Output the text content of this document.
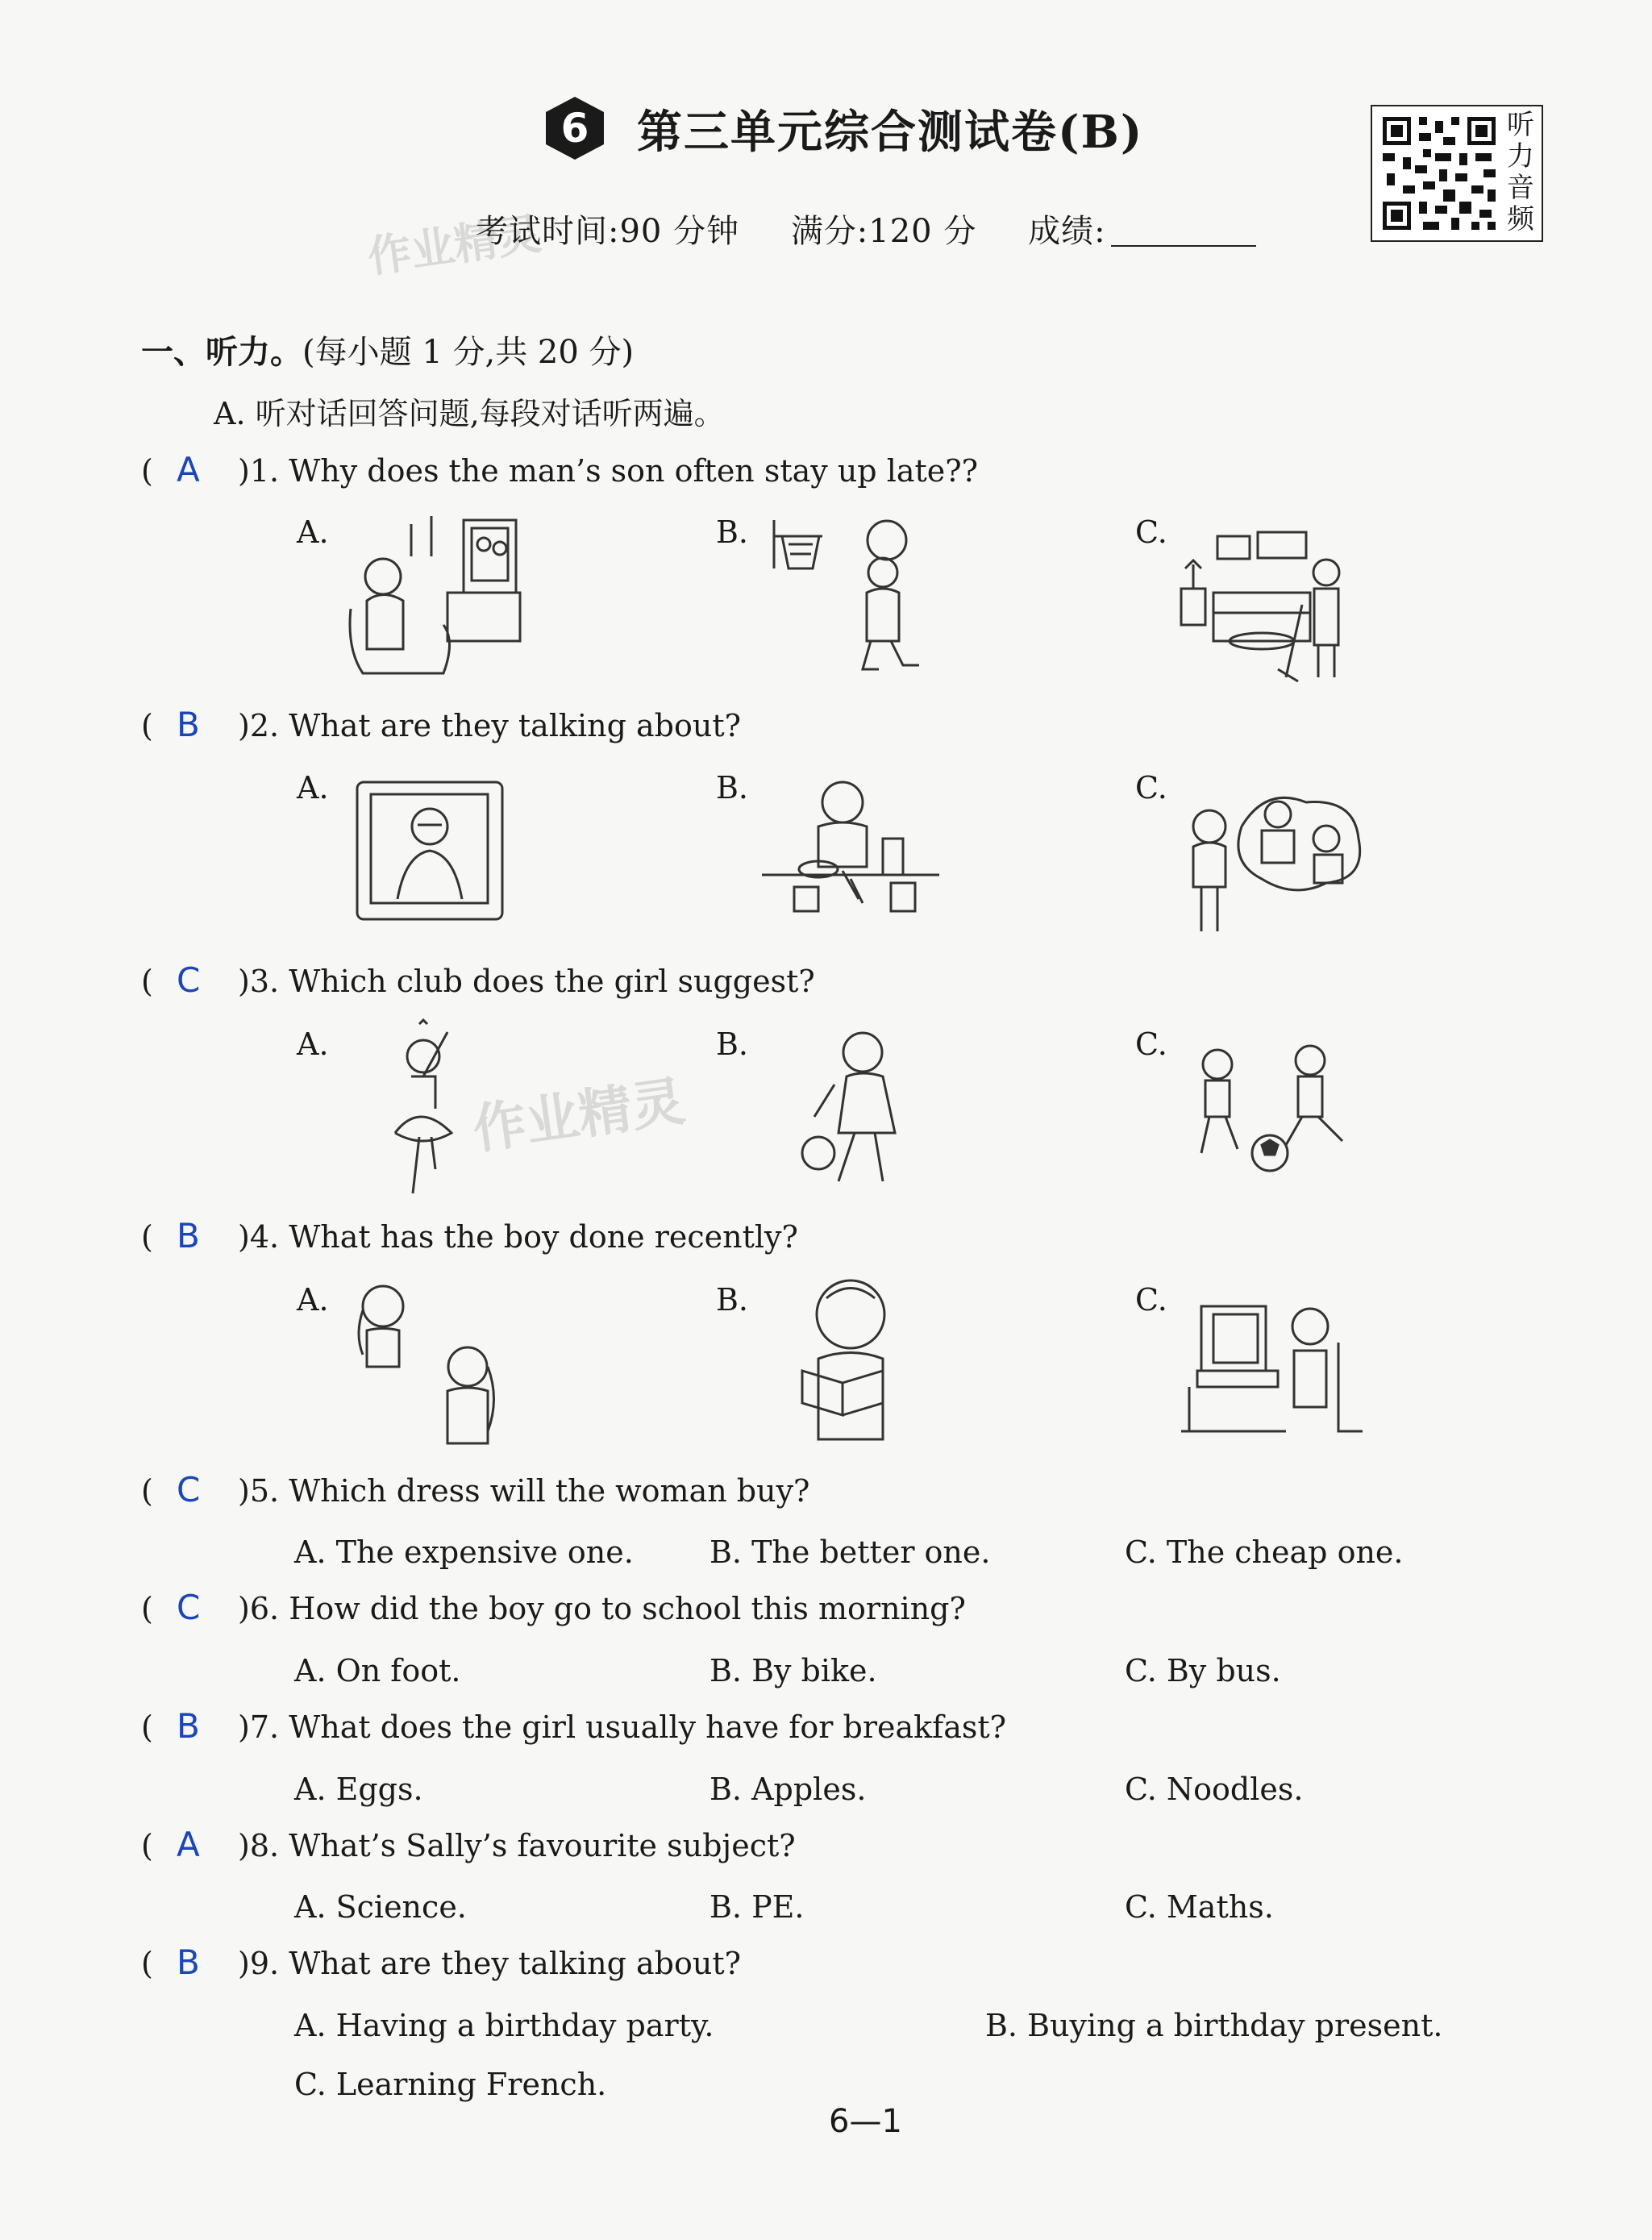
6 第三单元综合测试卷(B)	听
力
音
频
作业精灵
考试时间:90 分钟 满分:120 分 成绩:
一、听力。(每小题 1 分,共 20 分)
A. 听对话回答问题,每段对话听两遍。
( A )1. Why does the man’s son often stay up late??
A.	B.	C.
( B )2. What are they talking about?
A.	B.	C.
( C )3. Which club does the girl suggest?
A.	B.	C.
作业精灵
( B )4. What has the boy done recently?
A.	B.	C.
( C )5. Which dress will the woman buy?
A. The expensive one. B. The better one.	C. The cheap one.
( C )6. How did the boy go to school this morning?
A. On foot.	B. By bike.	C. By bus.
( B )7. What does the girl usually have for breakfast?
A. Eggs.	B. Apples.	C. Noodles.
( A )8. What’s Sally’s favourite subject?
A. Science.	B. PE.	C. Maths.
( B )9. What are they talking about?
A. Having a birthday party.	B. Buying a birthday present.
C. Learning French.
6—1
